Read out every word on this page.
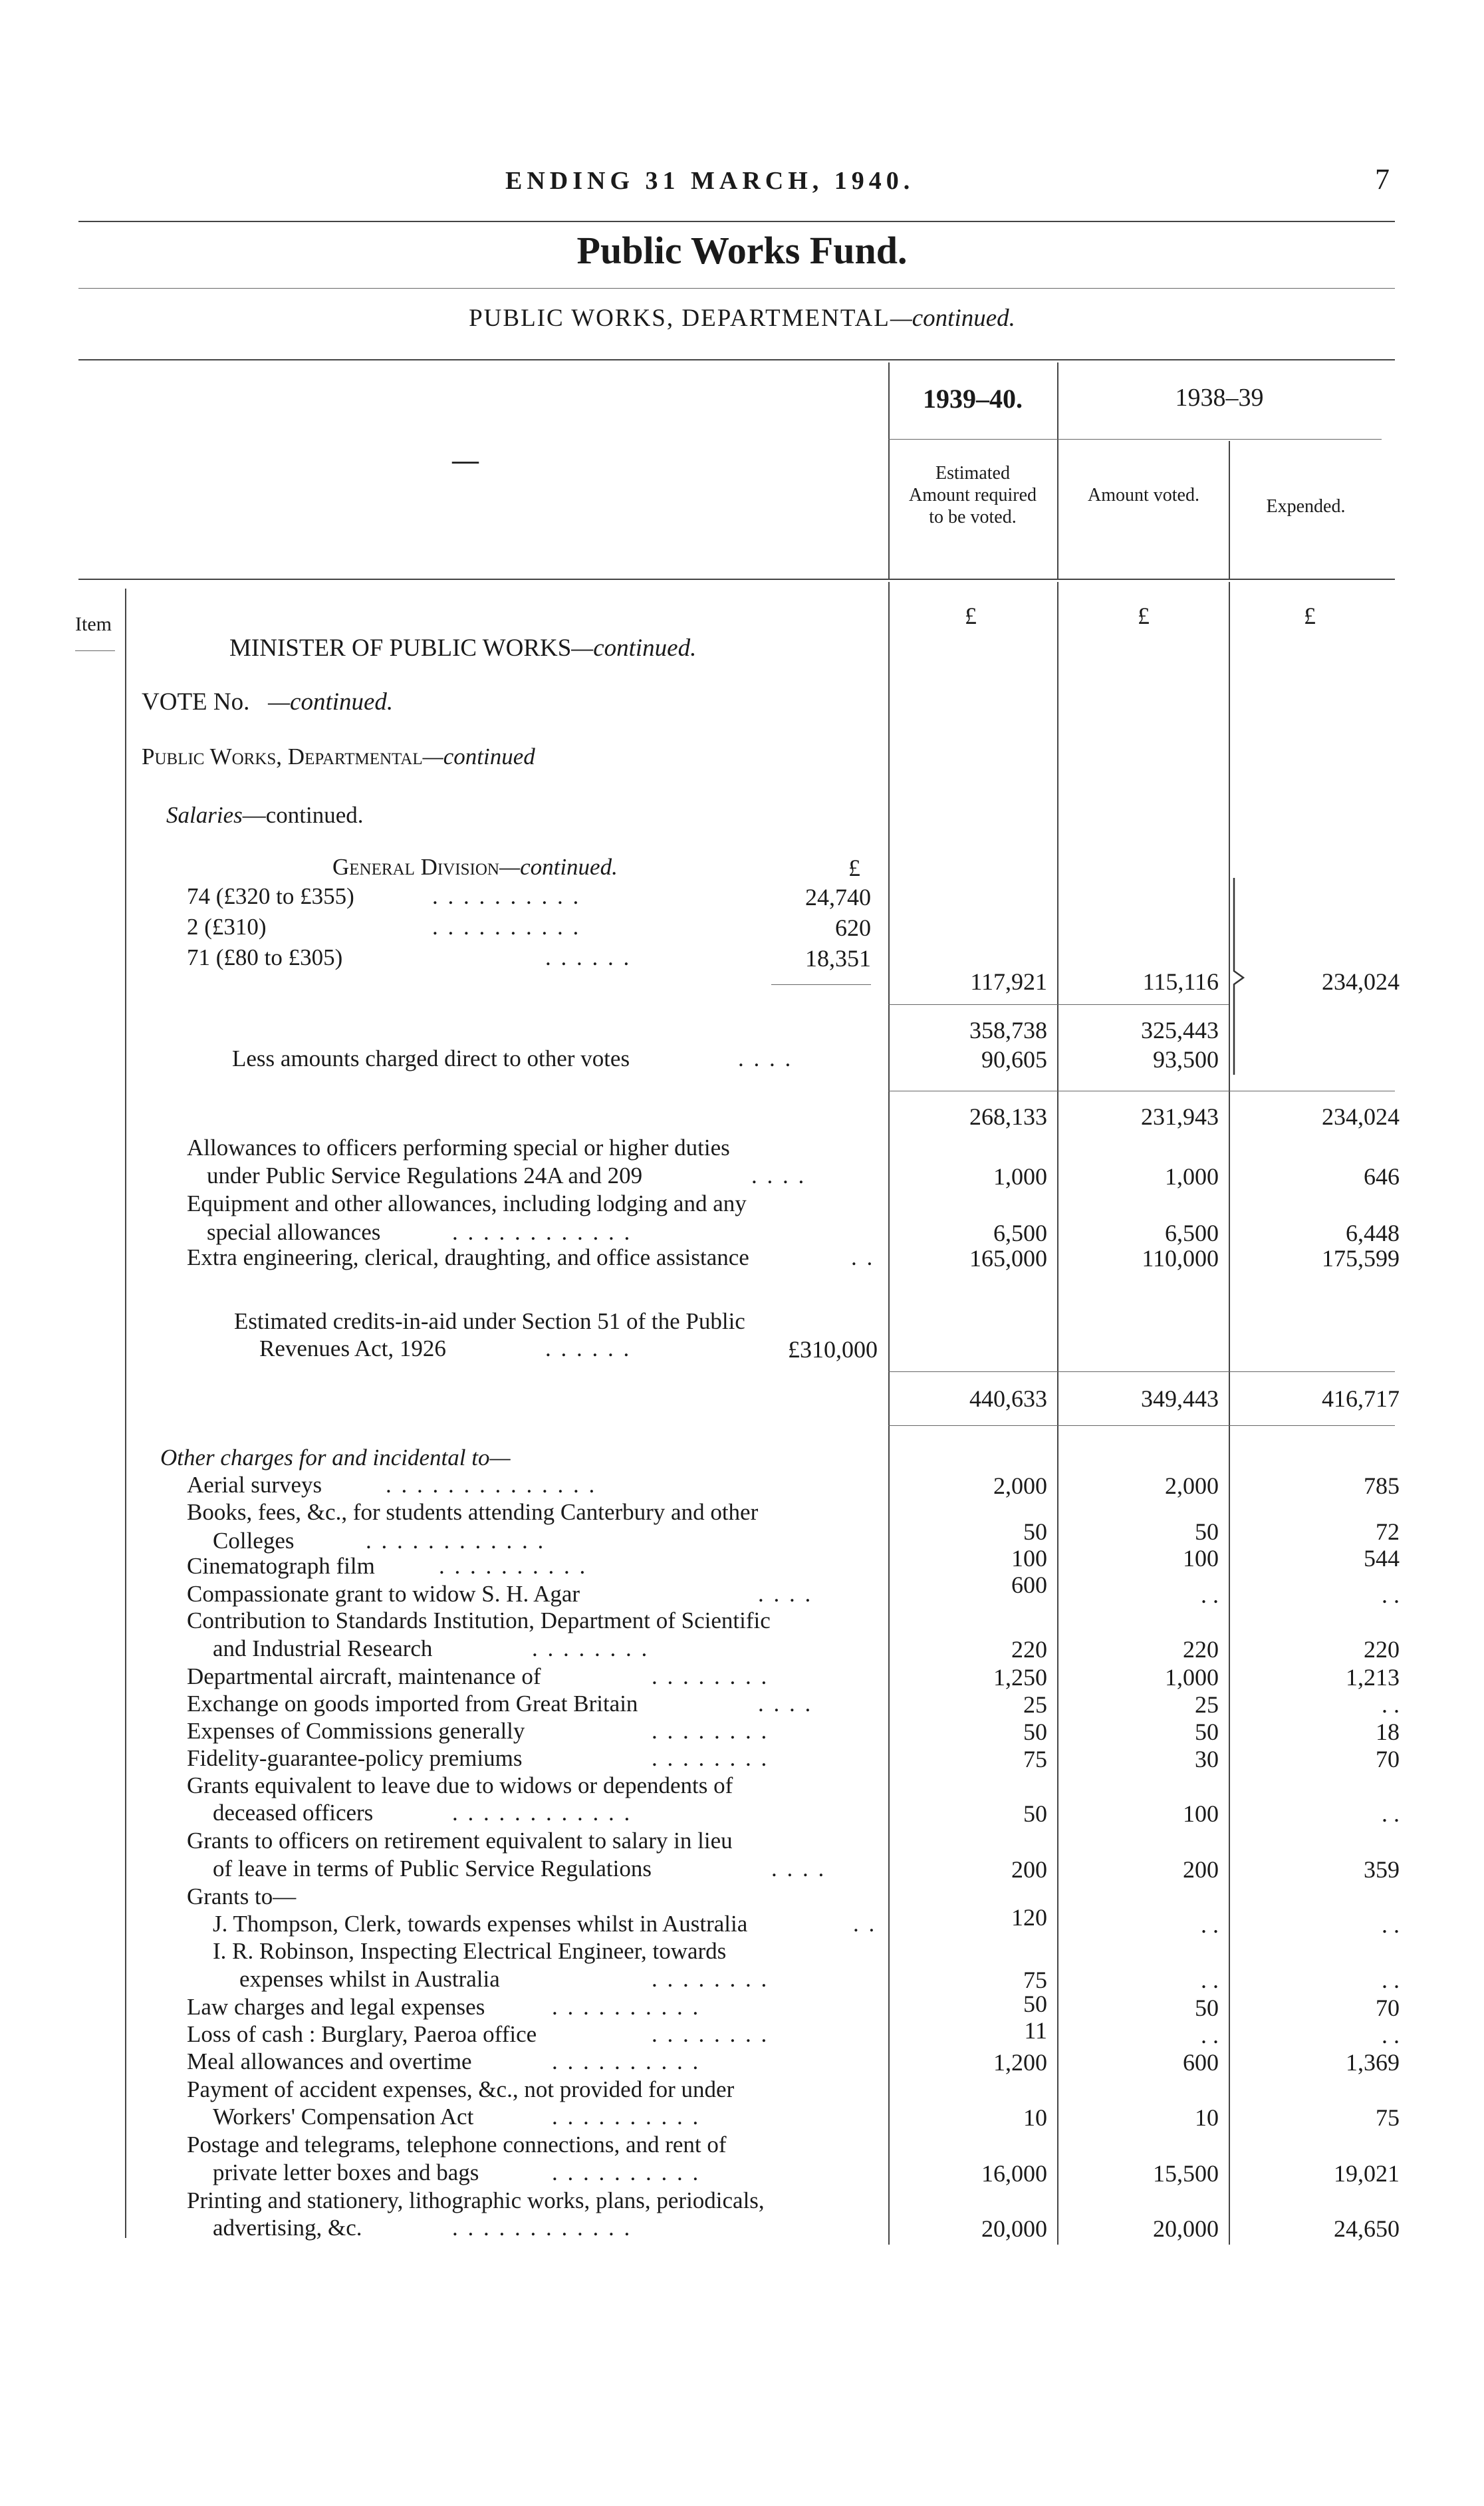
ENDING 31 MARCH, 1940.	7
Public Works Fund.
PUBLIC WORKS, DEPARTMENTAL—continued.
1939–40.	1938–39
—	Estimated Amount required to be voted.
Amount voted.
Expended.
Item	£	£	£
MINISTER OF PUBLIC WORKS—continued.
VOTE No. —continued.
Public Works, Departmental—continued
Salaries—continued.
General Division—continued.	£
74 (£320 to £355)	. . . . . . . . . .	24,740
2 (£310)	. . . . . . . . . .	620
71 (£80 to £305)	. . . . . .	18,351
117,921	115,116	234,024
358,738	325,443
Less amounts charged direct to other votes	. . . .	90,605	93,500
268,133	231,943	234,024
Allowances to officers performing special or higher duties
under Public Service Regulations 24A and 209	. . . .	1,000	1,000	646
Equipment and other allowances, including lodging and any
special allowances	. . . . . . . . . . . .	6,500	6,500	6,448
Extra engineering, clerical, draughting, and office assistance	. .	165,000	110,000	175,599
Estimated credits-in-aid under Section 51 of the Public
Revenues Act, 1926	. . . . . .	£310,000
440,633	349,443	416,717
Other charges for and incidental to—
Aerial surveys	. . . . . . . . . . . . . .	2,000	2,000	785
Books, fees, &c., for students attending Canterbury and other
Colleges	. . . . . . . . . . . .	50	50	72
Cinematograph film	. . . . . . . . . .	100	100	544
Compassionate grant to widow S. H. Agar	. . . .	600	. .	. .
Contribution to Standards Institution, Department of Scientific
and Industrial Research	. . . . . . . .	220	220	220
Departmental aircraft, maintenance of	. . . . . . . .	1,250	1,000	1,213
Exchange on goods imported from Great Britain	. . . .	25	25	. .
Expenses of Commissions generally	. . . . . . . .	50	50	18
Fidelity-guarantee-policy premiums	. . . . . . . .	75	30	70
Grants equivalent to leave due to widows or dependents of
deceased officers	. . . . . . . . . . . .	50	100	. .
Grants to officers on retirement equivalent to salary in lieu
of leave in terms of Public Service Regulations	. . . .	200	200	359
Grants to—
J. Thompson, Clerk, towards expenses whilst in Australia	. .	120	. .	. .
I. R. Robinson, Inspecting Electrical Engineer, towards
expenses whilst in Australia	. . . . . . . .	75	. .	. .
Law charges and legal expenses	. . . . . . . . . .	50	50	70
Loss of cash : Burglary, Paeroa office	. . . . . . . .	11	. .	. .
Meal allowances and overtime	. . . . . . . . . .	1,200	600	1,369
Payment of accident expenses, &c., not provided for under
Workers' Compensation Act	. . . . . . . . . .	10	10	75
Postage and telegrams, telephone connections, and rent of
private letter boxes and bags	. . . . . . . . . .	16,000	15,500	19,021
Printing and stationery, lithographic works, plans, periodicals,
advertising, &c.	. . . . . . . . . . . .	20,000	20,000	24,650
